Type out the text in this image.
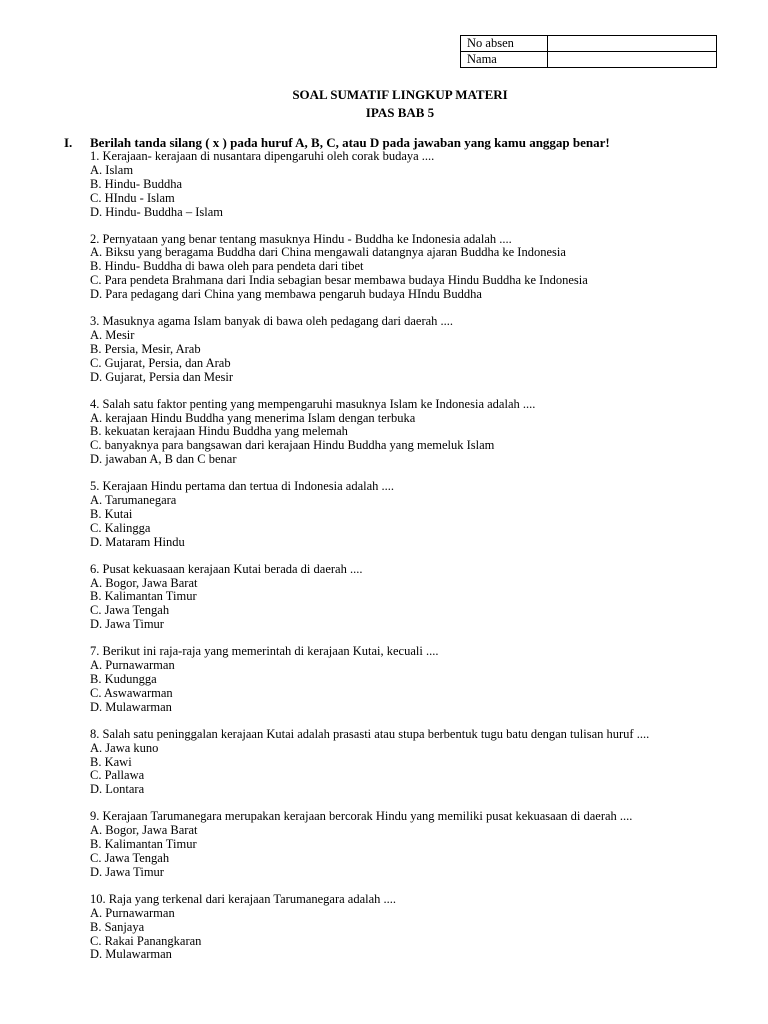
No absen	
Nama	
SOAL SUMATIF LINGKUP MATERI
IPAS BAB 5
I. Berilah tanda silang ( x ) pada huruf A, B, C, atau D pada jawaban yang kamu anggap benar!
1. Kerajaan- kerajaan di nusantara dipengaruhi oleh corak budaya ....
A. Islam
B. Hindu- Buddha
C. HIndu - Islam
D. Hindu- Buddha – Islam
2. Pernyataan yang benar tentang masuknya Hindu - Buddha ke Indonesia adalah ....
A. Biksu yang beragama Buddha dari China mengawali datangnya ajaran Buddha ke Indonesia
B. Hindu- Buddha di bawa oleh para pendeta dari tibet
C. Para pendeta Brahmana dari India sebagian besar membawa budaya Hindu Buddha ke Indonesia
D. Para pedagang dari China yang membawa pengaruh budaya HIndu Buddha
3. Masuknya agama Islam banyak di bawa oleh pedagang dari daerah ....
A. Mesir
B. Persia, Mesir, Arab
C. Gujarat, Persia, dan Arab
D. Gujarat, Persia dan Mesir
4. Salah satu faktor penting yang mempengaruhi masuknya Islam ke Indonesia adalah ....
A. kerajaan Hindu Buddha yang menerima Islam dengan terbuka
B. kekuatan kerajaan Hindu Buddha yang melemah
C. banyaknya para bangsawan dari kerajaan Hindu Buddha yang memeluk Islam
D. jawaban A, B dan C benar
5. Kerajaan Hindu pertama dan tertua di Indonesia adalah ....
A. Tarumanegara
B. Kutai
C. Kalingga
D. Mataram Hindu
6. Pusat kekuasaan kerajaan Kutai berada di daerah ....
A. Bogor, Jawa Barat
B. Kalimantan Timur
C. Jawa Tengah
D. Jawa Timur
7. Berikut ini raja-raja yang memerintah di kerajaan Kutai, kecuali ....
A. Purnawarman
B. Kudungga
C. Aswawarman
D. Mulawarman
8. Salah satu peninggalan kerajaan Kutai adalah prasasti atau stupa berbentuk tugu batu dengan tulisan huruf ....
A. Jawa kuno
B. Kawi
C. Pallawa
D. Lontara
9. Kerajaan Tarumanegara merupakan kerajaan bercorak Hindu yang memiliki pusat kekuasaan di daerah ....
A. Bogor, Jawa Barat
B. Kalimantan Timur
C. Jawa Tengah
D. Jawa Timur
10. Raja yang terkenal dari kerajaan Tarumanegara adalah ....
A. Purnawarman
B. Sanjaya
C. Rakai Panangkaran
D. Mulawarman
